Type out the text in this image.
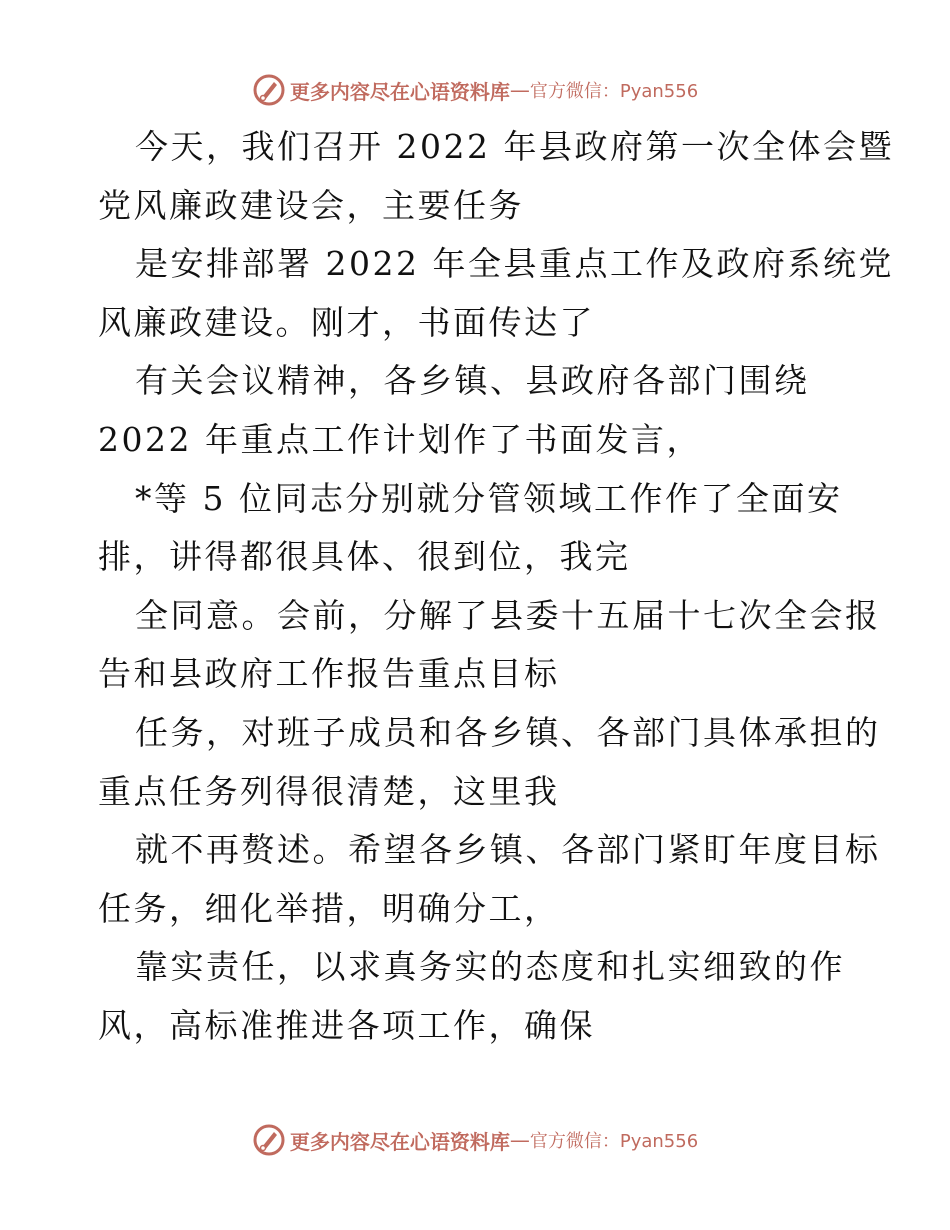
更多内容尽在心语资料库 — 官方微信：Pyan556
今天，我们召开 2022 年县政府第一次全体会暨
党风廉政建设会，主要任务
是安排部署 2022 年全县重点工作及政府系统党
风廉政建设。刚才，书面传达了
有关会议精神，各乡镇、县政府各部门围绕
2022 年重点工作计划作了书面发言，
*等 5 位同志分别就分管领域工作作了全面安
排，讲得都很具体、很到位，我完
全同意。会前，分解了县委十五届十七次全会报
告和县政府工作报告重点目标
任务，对班子成员和各乡镇、各部门具体承担的
重点任务列得很清楚，这里我
就不再赘述。希望各乡镇、各部门紧盯年度目标
任务，细化举措，明确分工，
靠实责任，以求真务实的态度和扎实细致的作
风，高标准推进各项工作，确保
更多内容尽在心语资料库 — 官方微信：Pyan556
